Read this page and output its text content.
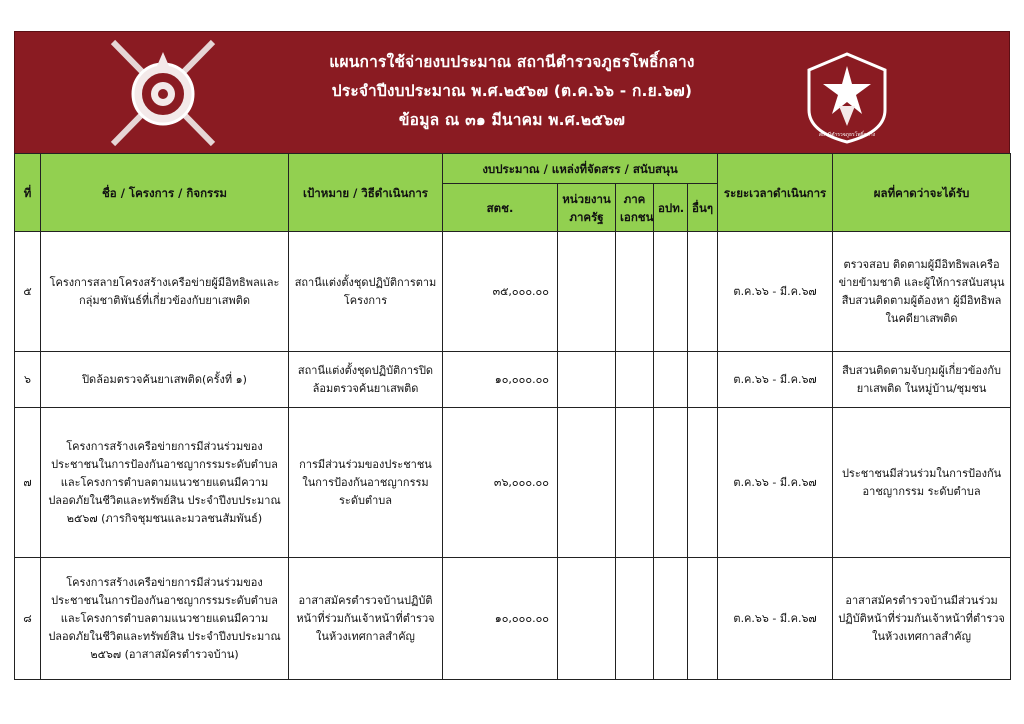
แผนการใช้จ่ายงบประมาณ สถานีตำรวจภูธรโพธิ์กลาง
ประจำปีงบประมาณ พ.ศ.๒๕๖๗ (ต.ค.๖๖ - ก.ย.๖๗)
ข้อมูล ณ ๓๑ มีนาคม พ.ศ.๒๕๖๗
สถานีตำรวจภูธรโพธิ์กลาง
ที่	ชื่อ / โครงการ / กิจกรรม	เป้าหมาย / วิธีดำเนินการ	งบประมาณ / แหล่งที่จัดสรร / สนับสนุน					ระยะเวลาดำเนินการ	ผลที่คาดว่าจะได้รับ
			สตช.	หน่วยงาน ภาครัฐ	ภาค เอกชน	อปท.	อื่นๆ		
๕	โครงการสลายโครงสร้างเครือข่ายผู้มีอิทธิพลและกลุ่มชาติพันธ์ที่เกี่ยวข้องกับยาเสพติด	สถานีแต่งตั้งชุดปฏิบัติการตามโครงการ	๓๕,๐๐๐.๐๐					ต.ค.๖๖ - มี.ค.๖๗	ตรวจสอบ ติดตามผู้มีอิทธิพลเครือข่ายข้ามชาติ และผู้ให้การสนับสนุน สืบสวนติดตามผู้ต้องหา ผู้มีอิทธิพลในคดียาเสพติด
๖	ปิดล้อมตรวจค้นยาเสพติด(ครั้งที่ ๑)	สถานีแต่งตั้งชุดปฏิบัติการปิดล้อมตรวจค้นยาเสพติด	๑๐,๐๐๐.๐๐					ต.ค.๖๖ - มี.ค.๖๗	สืบสวนติดตามจับกุมผู้เกี่ยวข้องกับยาเสพติด ในหมู่บ้าน/ชุมชน
๗	โครงการสร้างเครือข่ายการมีส่วนร่วมของประชาชนในการป้องกันอาชญากรรมระดับตำบล และโครงการตำบลตามแนวชายแดนมีความปลอดภัยในชีวิตและทรัพย์สิน ประจำปีงบประมาณ ๒๕๖๗ (ภารกิจชุมชนและมวลชนสัมพันธ์)	การมีส่วนร่วมของประชาชนในการป้องกันอาชญากรรมระดับตำบล	๓๖,๐๐๐.๐๐					ต.ค.๖๖ - มี.ค.๖๗	ประชาชนมีส่วนร่วมในการป้องกันอาชญากรรม ระดับตำบล
๘	โครงการสร้างเครือข่ายการมีส่วนร่วมของประชาชนในการป้องกันอาชญากรรมระดับตำบล และโครงการตำบลตามแนวชายแดนมีความปลอดภัยในชีวิตและทรัพย์สิน ประจำปีงบประมาณ ๒๕๖๗ (อาสาสมัครตำรวจบ้าน)	อาสาสมัครตำรวจบ้านปฏิบัติหน้าที่ร่วมกันเจ้าหน้าที่ตำรวจในห้วงเทศกาลสำคัญ	๑๐,๐๐๐.๐๐					ต.ค.๖๖ - มี.ค.๖๗	อาสาสมัครตำรวจบ้านมีส่วนร่วมปฏิบัติหน้าที่ร่วมกันเจ้าหน้าที่ตำรวจในห้วงเทศกาลสำคัญ
